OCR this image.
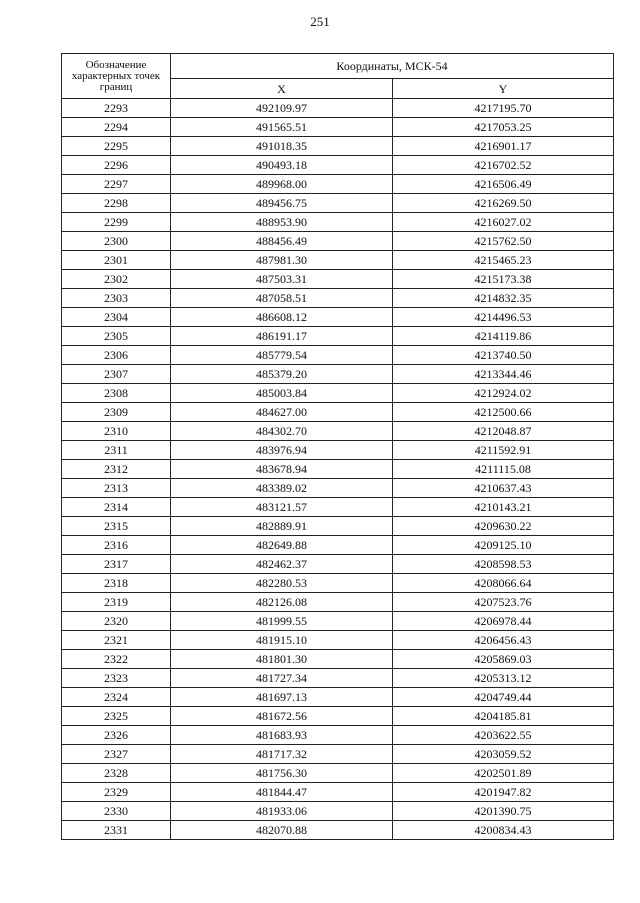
251
Обозначение характерных точек границ	Координаты, МСК-54	
	X	Y
2293	492109.97	4217195.70
2294	491565.51	4217053.25
2295	491018.35	4216901.17
2296	490493.18	4216702.52
2297	489968.00	4216506.49
2298	489456.75	4216269.50
2299	488953.90	4216027.02
2300	488456.49	4215762.50
2301	487981.30	4215465.23
2302	487503.31	4215173.38
2303	487058.51	4214832.35
2304	486608.12	4214496.53
2305	486191.17	4214119.86
2306	485779.54	4213740.50
2307	485379.20	4213344.46
2308	485003.84	4212924.02
2309	484627.00	4212500.66
2310	484302.70	4212048.87
2311	483976.94	4211592.91
2312	483678.94	4211115.08
2313	483389.02	4210637.43
2314	483121.57	4210143.21
2315	482889.91	4209630.22
2316	482649.88	4209125.10
2317	482462.37	4208598.53
2318	482280.53	4208066.64
2319	482126.08	4207523.76
2320	481999.55	4206978.44
2321	481915.10	4206456.43
2322	481801.30	4205869.03
2323	481727.34	4205313.12
2324	481697.13	4204749.44
2325	481672.56	4204185.81
2326	481683.93	4203622.55
2327	481717.32	4203059.52
2328	481756.30	4202501.89
2329	481844.47	4201947.82
2330	481933.06	4201390.75
2331	482070.88	4200834.43
